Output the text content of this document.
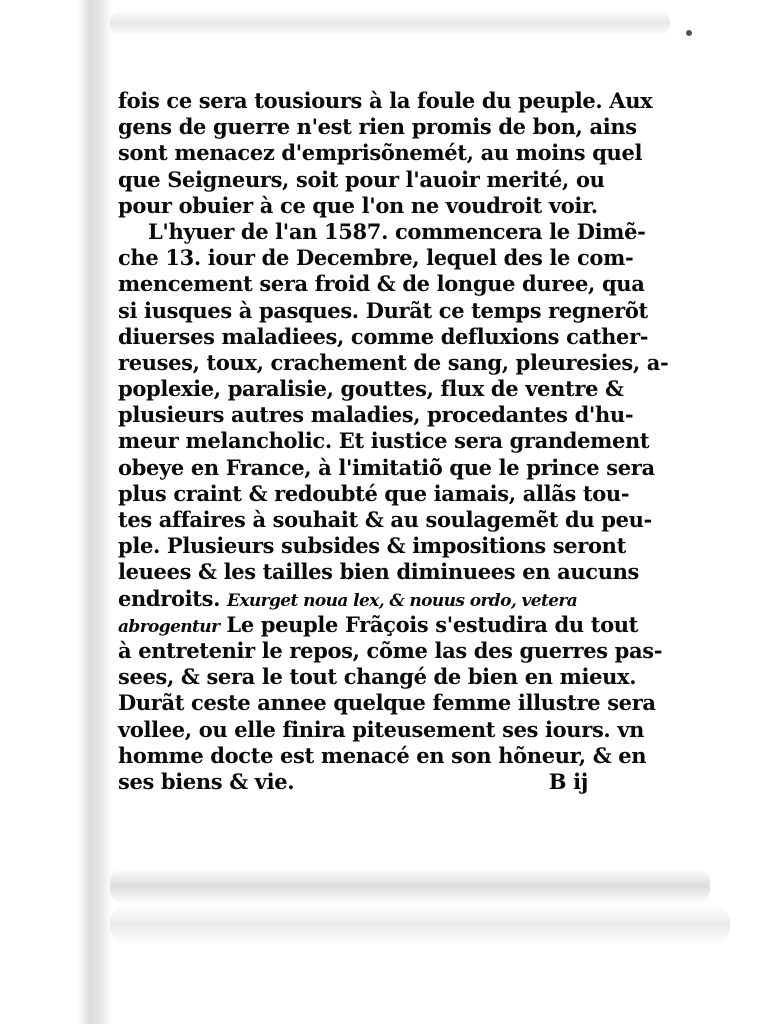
fois ce sera tousiours à la foule du peuple. Aux
gens de guerre n'est rien promis de bon, ains
sont menacez d'emprisõnemét, au moins quel
que Seigneurs, soit pour l'auoir merité, ou
pour obuier à ce que l'on ne voudroit voir.
L'hyuer de l'an 1587. commencera le Dimẽ-
che 13. iour de Decembre, lequel des le com-
mencement sera froid & de longue duree, qua
si iusques à pasques. Durãt ce temps regnerõt
diuerses maladiees, comme defluxions cather-
reuses, toux, crachement de sang, pleuresies, a-
poplexie, paralisie, gouttes, flux de ventre &
plusieurs autres maladies, procedantes d'hu-
meur melancholic. Et iustice sera grandement
obeye en France, à l'imitatiõ que le prince sera
plus craint & redoubté que iamais, allãs tou-
tes affaires à souhait & au soulagemẽt du peu-
ple. Plusieurs subsides & impositions seront
leuees & les tailles bien diminuees en aucuns
endroits. Exurget noua lex, & nouus ordo, vetera
abrogentur Le peuple Frãçois s'estudira du tout
à entretenir le repos, cõme las des guerres pas-
sees, & sera le tout changé de bien en mieux.
Durãt ceste annee quelque femme illustre sera
vollee, ou elle finira piteusement ses iours. vn
homme docte est menacé en son hõneur, & en
ses biens & vie.	B ij
